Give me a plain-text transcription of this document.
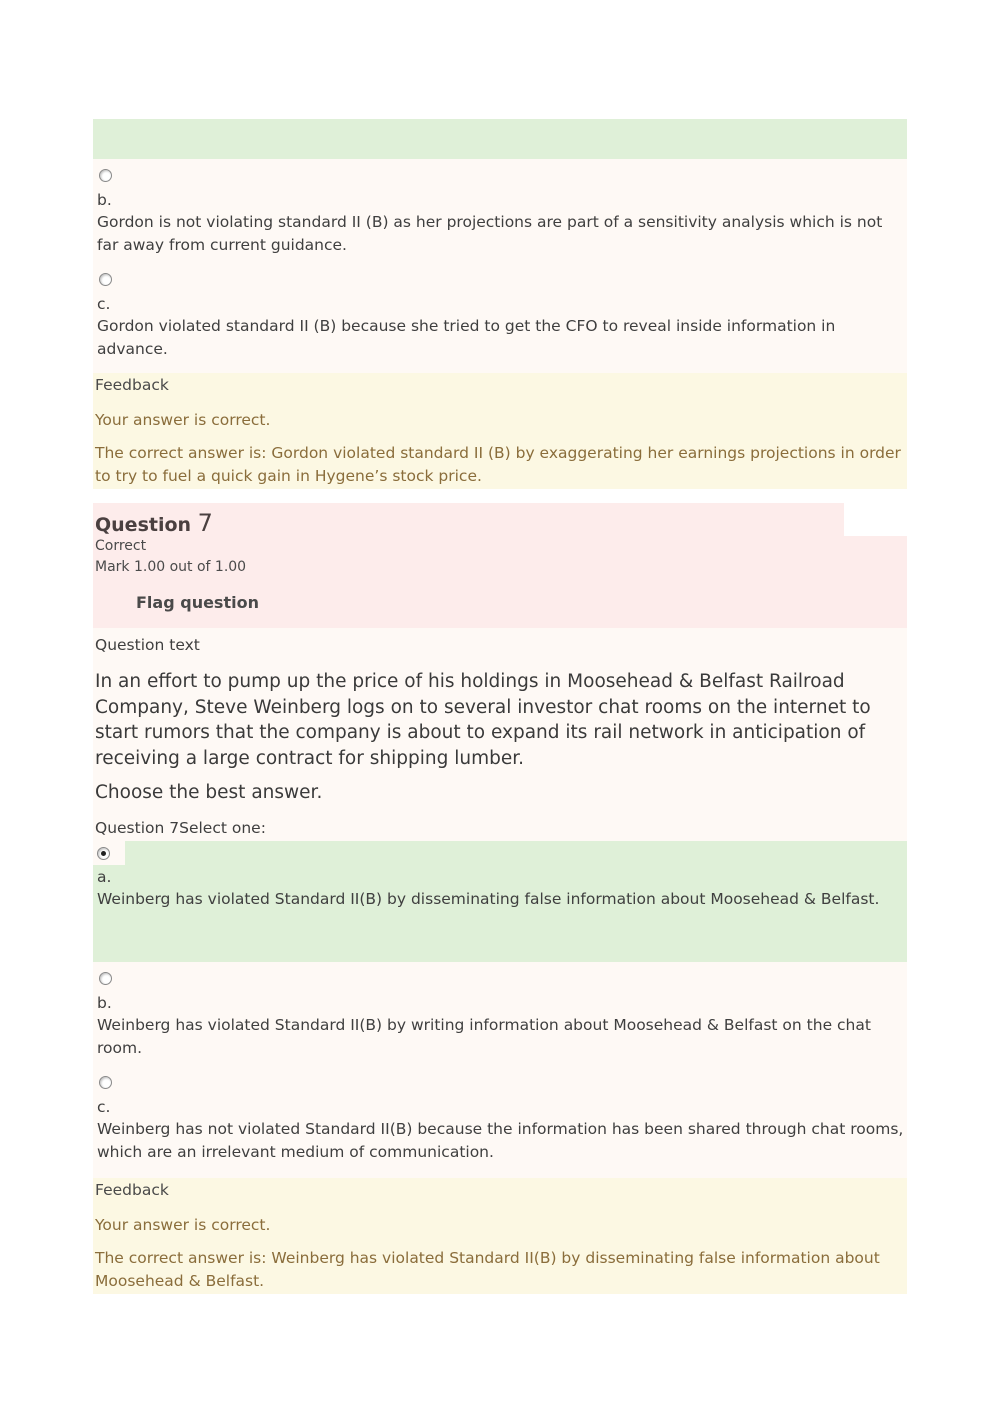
b.
Gordon is not violating standard II (B) as her projections are part of a sensitivity analysis which is not far away from current guidance.
c.
Gordon violated standard II (B) because she tried to get the CFO to reveal inside information in advance.
Feedback
Your answer is correct.
The correct answer is: Gordon violated standard II (B) by exaggerating her earnings projections in order to try to fuel a quick gain in Hygene’s stock price.
Question 7
Correct
Mark 1.00 out of 1.00
Flag question
Question text
In an effort to pump up the price of his holdings in Moosehead & Belfast Railroad Company, Steve Weinberg logs on to several investor chat rooms on the internet to start rumors that the company is about to expand its rail network in anticipation of receiving a large contract for shipping lumber.
Choose the best answer.
Question 7Select one:
a.
Weinberg has violated Standard II(B) by disseminating false information about Moosehead & Belfast.
b.
Weinberg has violated Standard II(B) by writing information about Moosehead & Belfast on the chat room.
c.
Weinberg has not violated Standard II(B) because the information has been shared through chat rooms, which are an irrelevant medium of communication.
Feedback
Your answer is correct.
The correct answer is: Weinberg has violated Standard II(B) by disseminating false information about Moosehead & Belfast.
